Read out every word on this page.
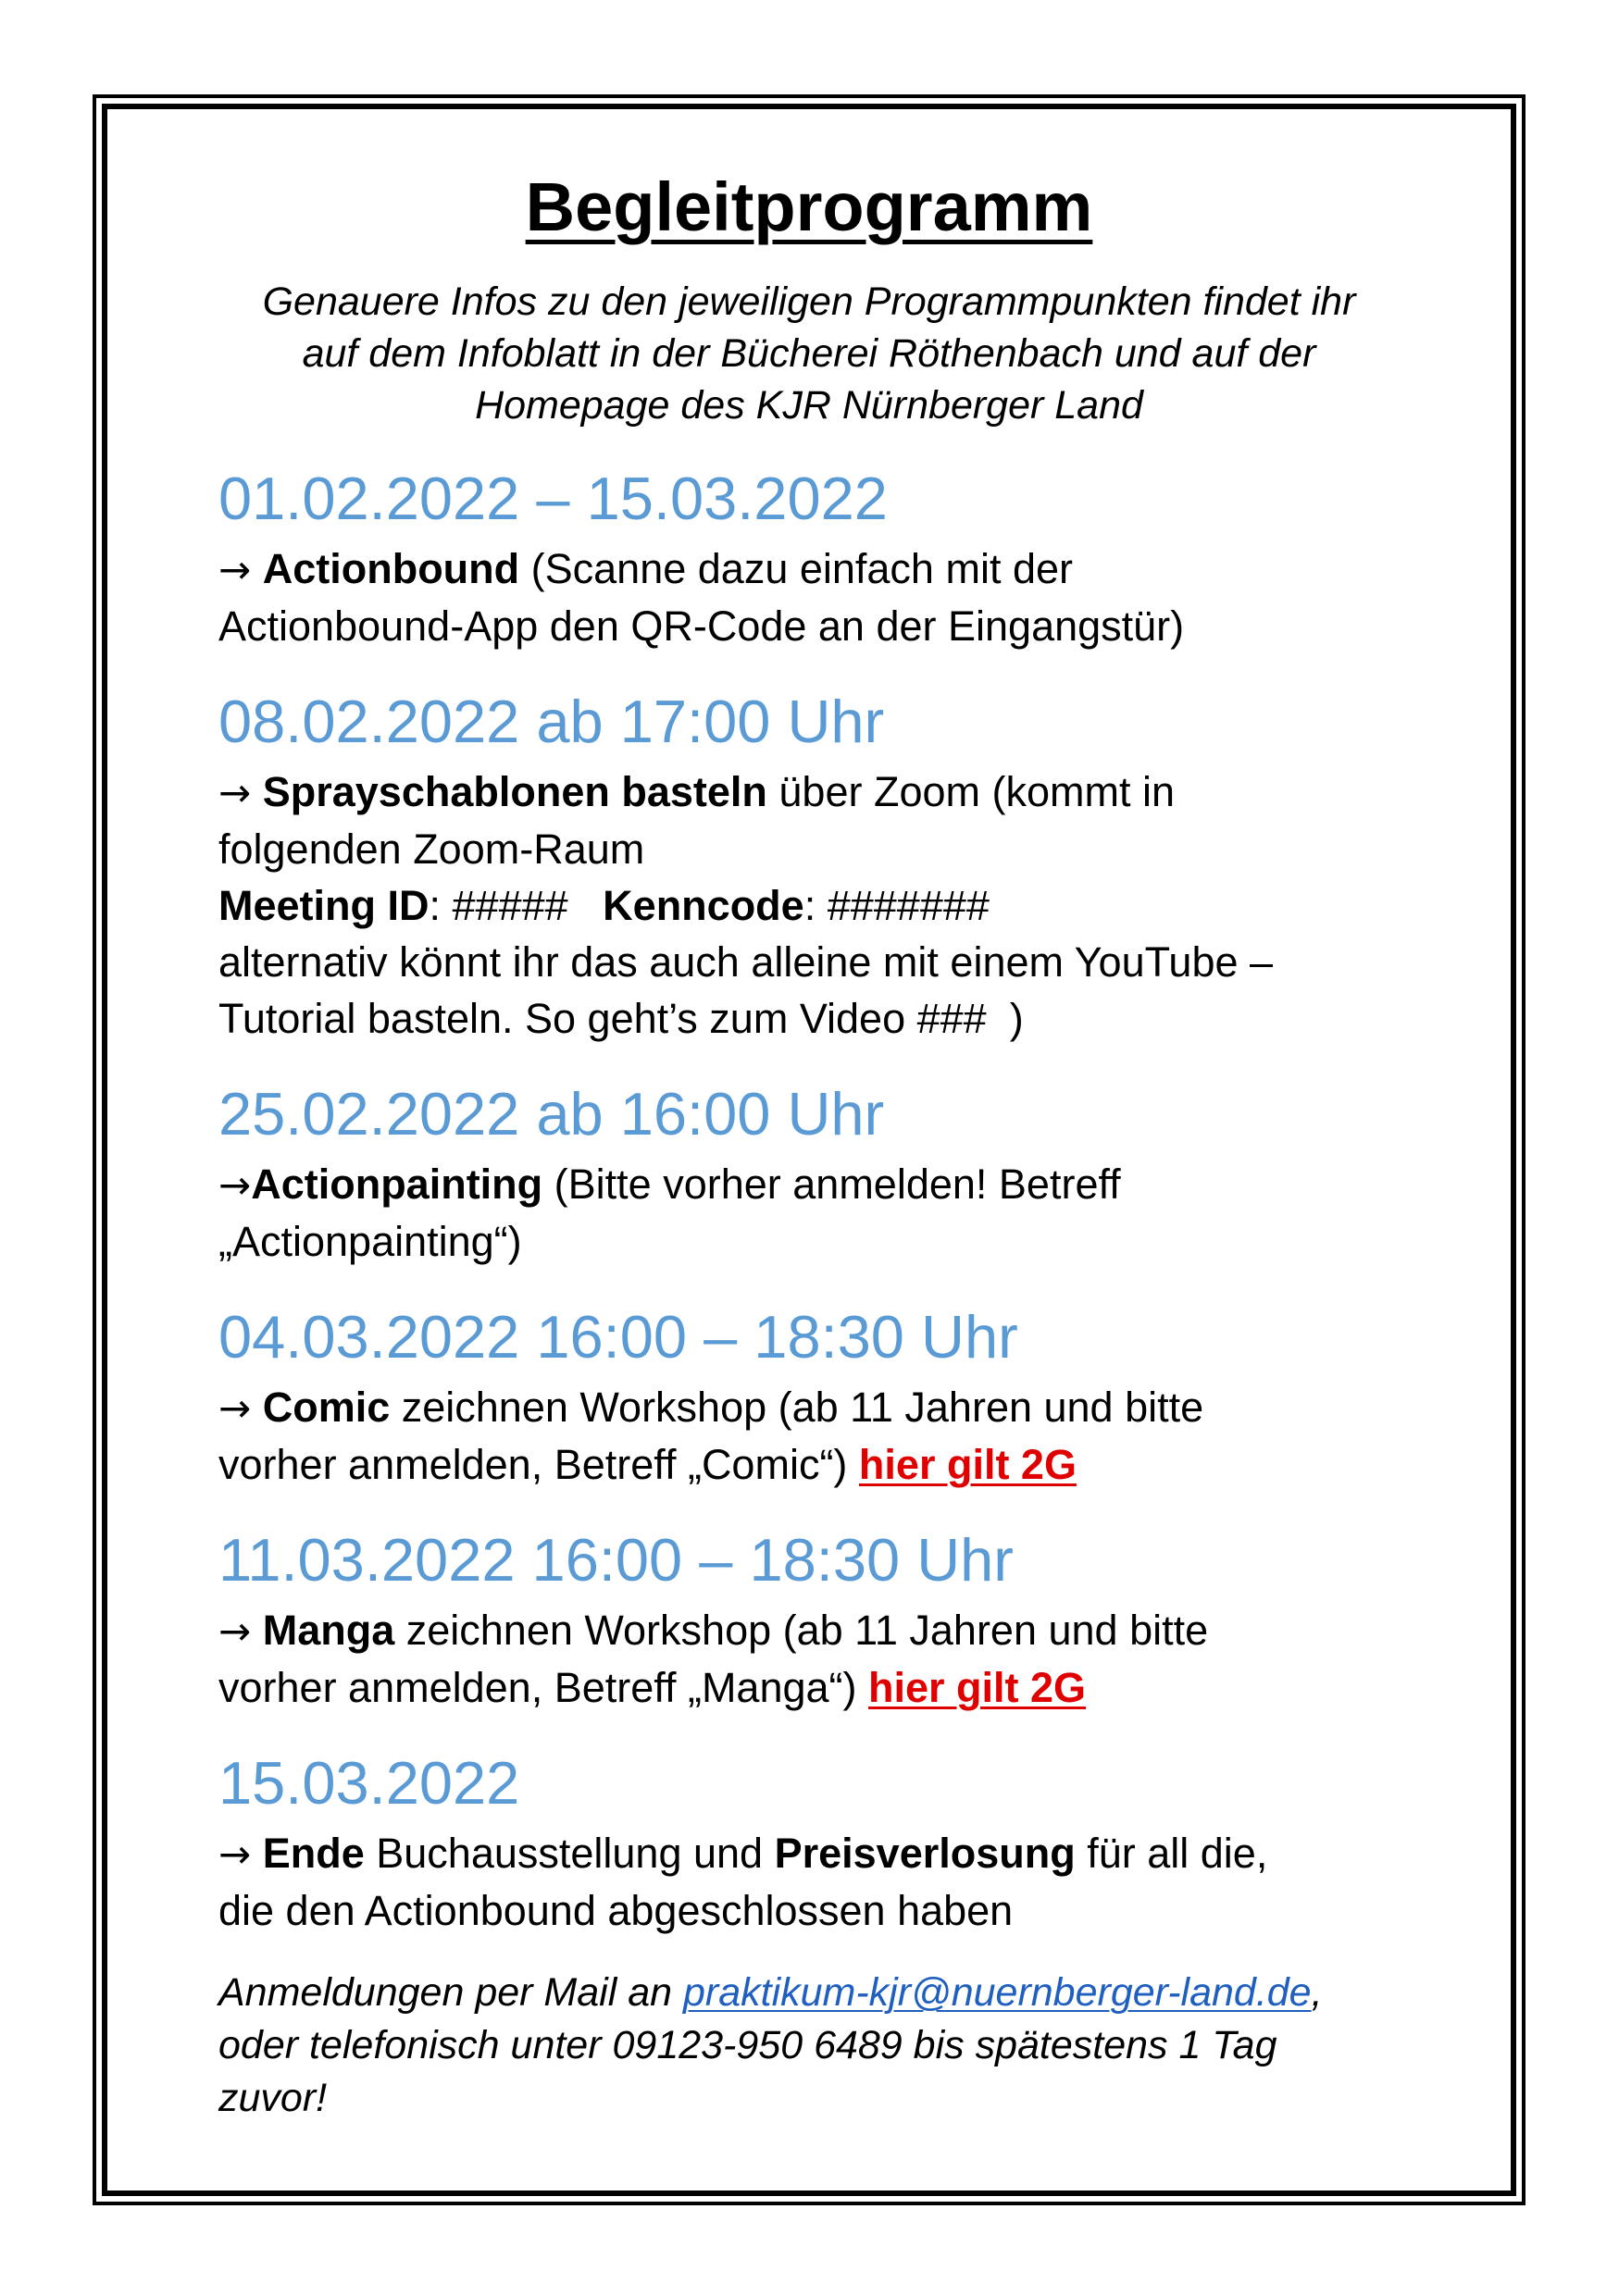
Begleitprogramm
Genauere Infos zu den jeweiligen Programmpunkten findet ihr
auf dem Infoblatt in der Bücherei Röthenbach und auf der
Homepage des KJR Nürnberger Land
01.02.2022 – 15.03.2022
→ Actionbound (Scanne dazu einfach mit der
Actionbound-App den QR-Code an der Eingangstür)
08.02.2022 ab 17:00 Uhr
→ Sprayschablonen basteln über Zoom (kommt in
folgenden Zoom-Raum
Meeting ID: ##### Kenncode: #######
alternativ könnt ihr das auch alleine mit einem YouTube –
Tutorial basteln. So geht’s zum Video ###  )
25.02.2022 ab 16:00 Uhr
→Actionpainting (Bitte vorher anmelden! Betreff
„Actionpainting“)
04.03.2022 16:00 – 18:30 Uhr
→ Comic zeichnen Workshop (ab 11 Jahren und bitte
vorher anmelden, Betreff „Comic“) hier gilt 2G
11.03.2022 16:00 – 18:30 Uhr
→ Manga zeichnen Workshop (ab 11 Jahren und bitte
vorher anmelden, Betreff „Manga“) hier gilt 2G
15.03.2022
→ Ende Buchausstellung und Preisverlosung für all die,
die den Actionbound abgeschlossen haben
Anmeldungen per Mail an praktikum-kjr@nuernberger-land.de,
oder telefonisch unter 09123-950 6489 bis spätestens 1 Tag
zuvor!
